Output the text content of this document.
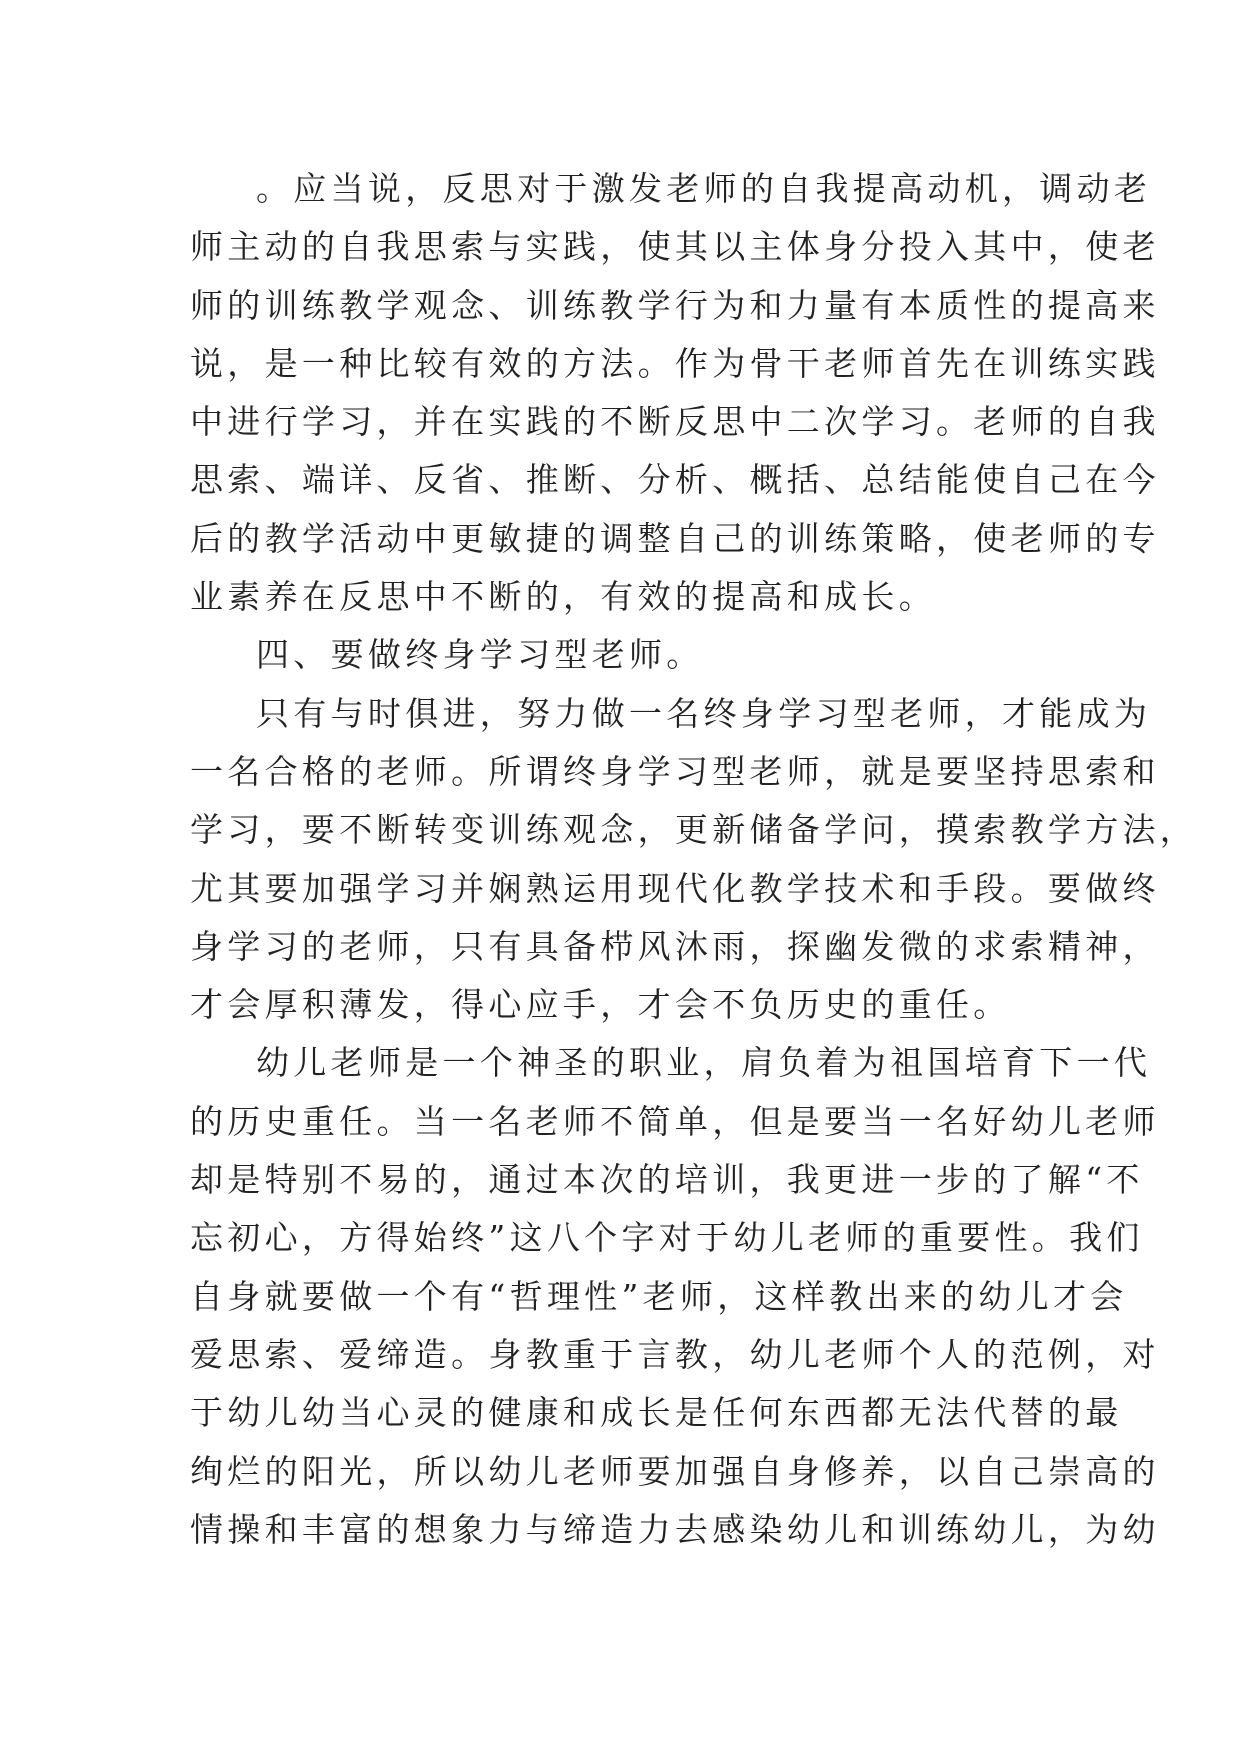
。应当说，反思对于激发老师的自我提高动机，调动老
师主动的自我思索与实践，使其以主体身分投入其中，使老
师的训练教学观念、训练教学行为和力量有本质性的提高来
说，是一种比较有效的方法。作为骨干老师首先在训练实践
中进行学习，并在实践的不断反思中二次学习。老师的自我
思索、端详、反省、推断、分析、概括、总结能使自己在今
后的教学活动中更敏捷的调整自己的训练策略，使老师的专
业素养在反思中不断的，有效的提高和成长。
四、要做终身学习型老师。
只有与时俱进，努力做一名终身学习型老师，才能成为
一名合格的老师。所谓终身学习型老师，就是要坚持思索和
学习，要不断转变训练观念，更新储备学问，摸索教学方法，
尤其要加强学习并娴熟运用现代化教学技术和手段。要做终
身学习的老师，只有具备栉风沐雨，探幽发微的求索精神，
才会厚积薄发，得心应手，才会不负历史的重任。
幼儿老师是一个神圣的职业，肩负着为祖国培育下一代
的历史重任。当一名老师不简单，但是要当一名好幼儿老师
却是特别不易的，通过本次的培训，我更进一步的了解“不
忘初心，方得始终”这八个字对于幼儿老师的重要性。我们
自身就要做一个有“哲理性”老师，这样教出来的幼儿才会
爱思索、爱缔造。身教重于言教，幼儿老师个人的范例，对
于幼儿幼当心灵的健康和成长是任何东西都无法代替的最
绚烂的阳光，所以幼儿老师要加强自身修养，以自己崇高的
情操和丰富的想象力与缔造力去感染幼儿和训练幼儿，为幼
